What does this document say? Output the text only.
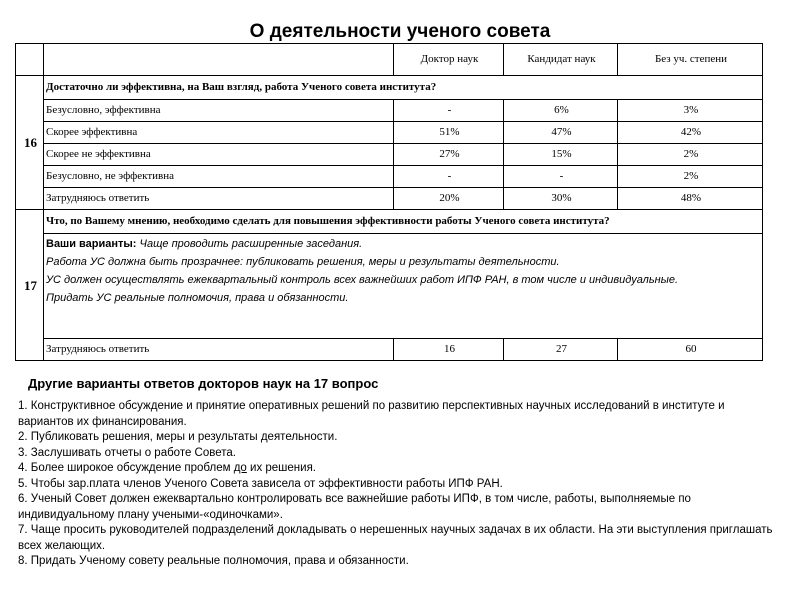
О деятельности ученого совета
		Доктор наук	Кандидат наук	Без уч. степени
16	Достаточно ли эффективна, на Ваш взгляд, работа Ученого совета института?			
	Безусловно, эффективна	-	6%	3%
	Скорее эффективна	51%	47%	42%
	Скорее не эффективна	27%	15%	2%
	Безусловно, не эффективна	-	-	2%
	Затрудняюсь ответить	20%	30%	48%
17	Что, по Вашему мнению, необходимо сделать для повышения эффективности работы Ученого совета института?			

	Ваши варианты: Чаще проводить расширенные заседания.
Работа УС должна быть прозрачнее: публиковать решения, меры и результаты деятельности.
УС должен осуществлять ежеквартальный контроль всех важнейших работ ИПФ РАН, в том числе и индивидуальные.
Придать УС реальные полномочия, права и обязанности.			

	Затрудняюсь ответить	16	27	60
Другие варианты ответов докторов наук на 17 вопрос
1. Конструктивное обсуждение и принятие оперативных решений по развитию перспективных научных исследований в институте и вариантов их финансирования.
2. Публиковать решения, меры и результаты деятельности.
3. Заслушивать отчеты о работе Совета.
4. Более широкое обсуждение проблем до их решения.
5. Чтобы зар.плата членов Ученого Совета зависела от эффективности работы ИПФ РАН.
6. Ученый Совет должен ежеквартально контролировать все важнейшие работы ИПФ, в том числе, работы, выполняемые по индивидуальному плану учеными-«одиночками».
7. Чаще просить руководителей подразделений докладывать о нерешенных научных задачах в их области. На эти выступления приглашать всех желающих.
8. Придать Ученому совету реальные полномочия, права и обязанности.
